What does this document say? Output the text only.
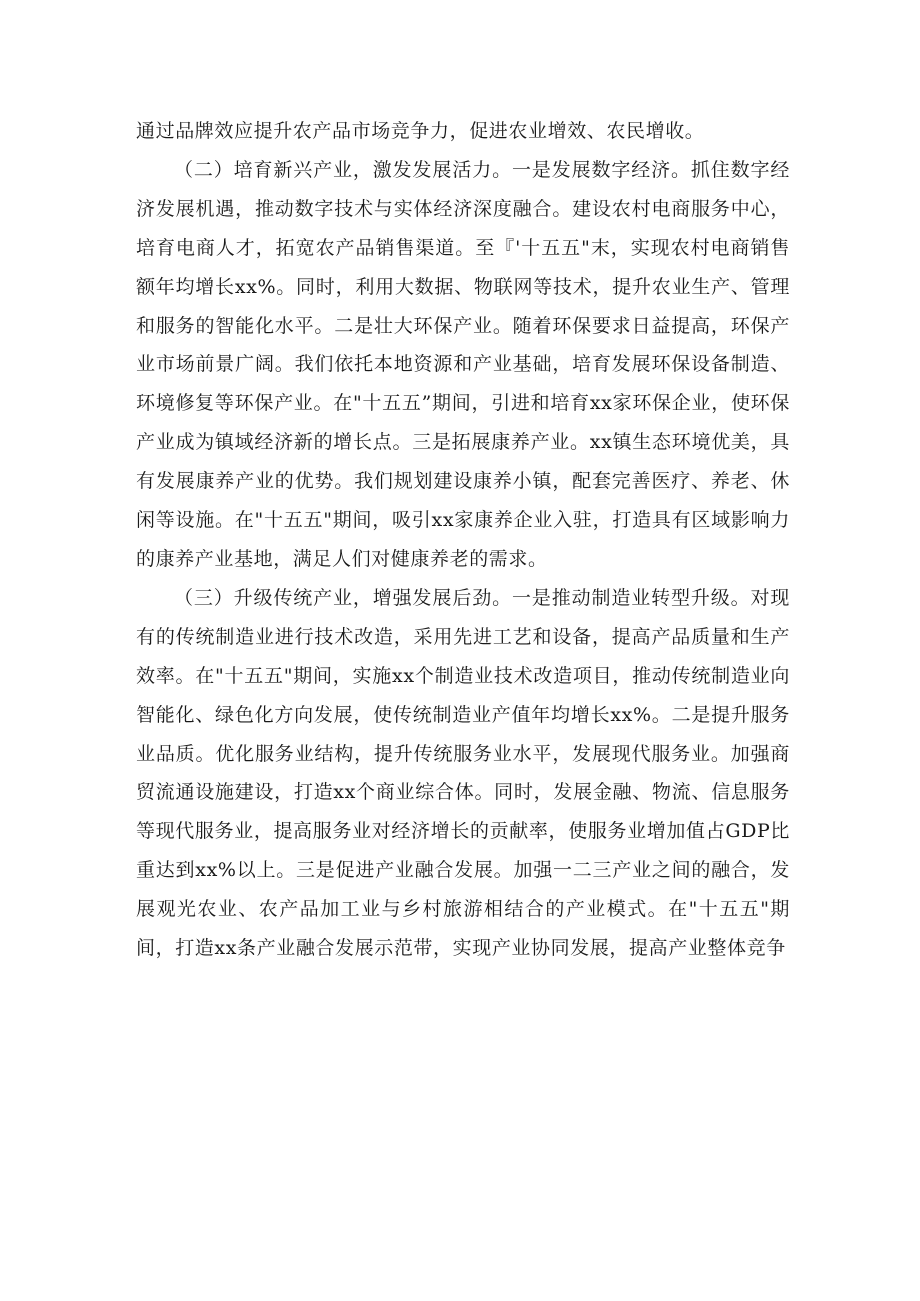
通过品牌效应提升农产品市场竞争力，促进农业增效、农民增收。

（二）培育新兴产业，激发发展活力。一是发展数字经济。抓住数字经济发展机遇，推动数字技术与实体经济深度融合。建设农村电商服务中心，培育电商人才，拓宽农产品销售渠道。至『'十五五"末，实现农村电商销售额年均增长xx%。同时，利用大数据、物联网等技术，提升农业生产、管理和服务的智能化水平。二是壮大环保产业。随着环保要求日益提高，环保产业市场前景广阔。我们依托本地资源和产业基础，培育发展环保设备制造、环境修复等环保产业。在"十五五”期间，引进和培育xx家环保企业，使环保产业成为镇域经济新的增长点。三是拓展康养产业。xx镇生态环境优美，具有发展康养产业的优势。我们规划建设康养小镇，配套完善医疗、养老、休闲等设施。在"十五五"期间，吸引xx家康养企业入驻，打造具有区域影响力的康养产业基地，满足人们对健康养老的需求。

（三）升级传统产业，增强发展后劲。一是推动制造业转型升级。对现有的传统制造业进行技术改造，采用先进工艺和设备，提高产品质量和生产效率。在"十五五"期间，实施xx个制造业技术改造项目，推动传统制造业向智能化、绿色化方向发展，使传统制造业产值年均增长xx%。二是提升服务业品质。优化服务业结构，提升传统服务业水平，发展现代服务业。加强商贸流通设施建设，打造xx个商业综合体。同时，发展金融、物流、信息服务等现代服务业，提高服务业对经济增长的贡献率，使服务业增加值占GDP比重达到xx%以上。三是促进产业融合发展。加强一二三产业之间的融合，发展观光农业、农产品加工业与乡村旅游相结合的产业模式。在"十五五"期间，打造xx条产业融合发展示范带，实现产业协同发展，提高产业整体竞争
